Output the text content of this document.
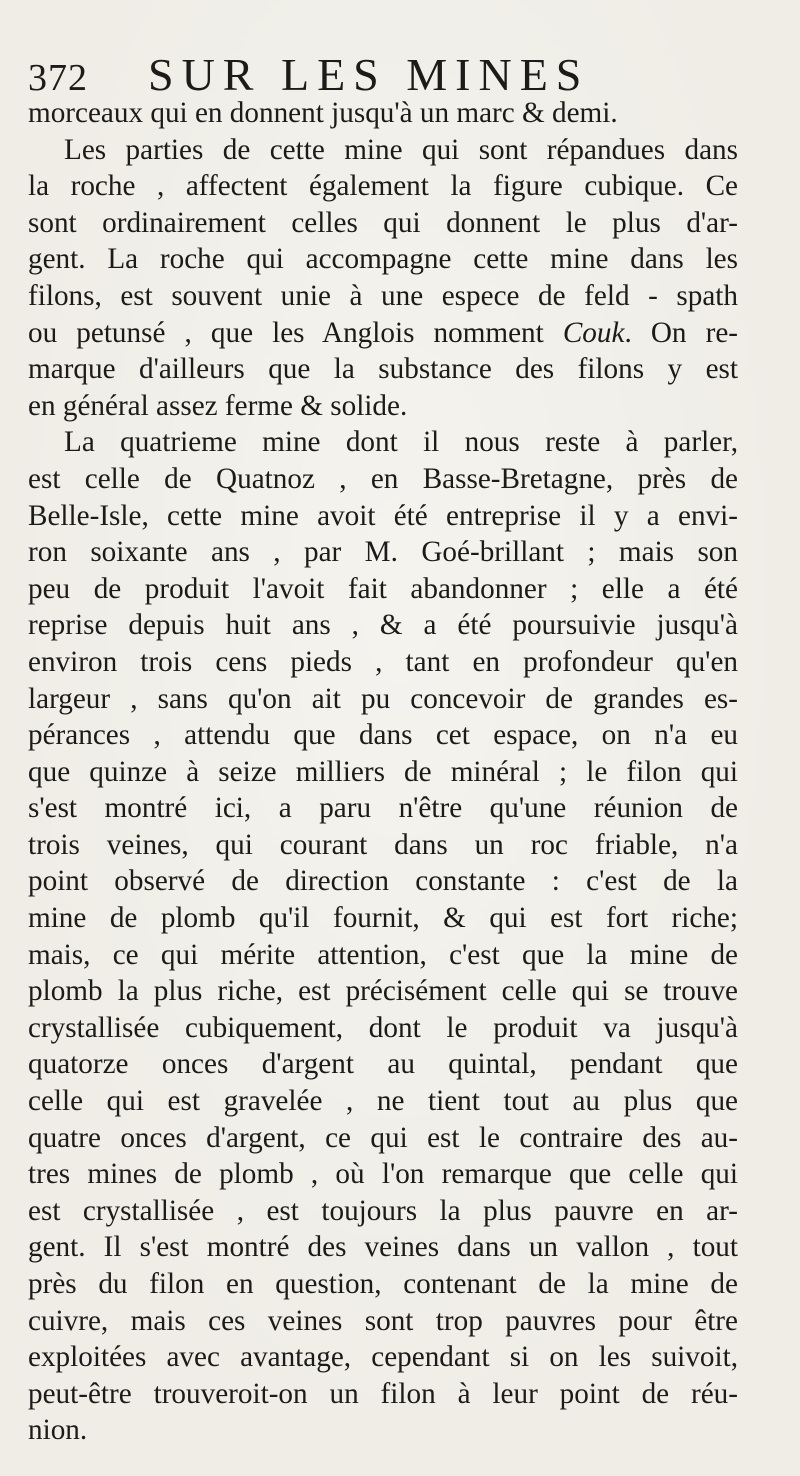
372 SUR LES MINES
morceaux qui en donnent jusqu'à un marc & demi.
Les parties de cette mine qui sont répandues dans
la roche , affectent également la figure cubique. Ce
sont ordinairement celles qui donnent le plus d'ar-
gent. La roche qui accompagne cette mine dans les
filons, est souvent unie à une espece de feld - spath
ou petunsé , que les Anglois nomment Couk. On re-
marque d'ailleurs que la substance des filons y est
en général assez ferme & solide.
La quatrieme mine dont il nous reste à parler,
est celle de Quatnoz , en Basse-Bretagne, près de
Belle-Isle, cette mine avoit été entreprise il y a envi-
ron soixante ans , par M. Goé-brillant ; mais son
peu de produit l'avoit fait abandonner ; elle a été
reprise depuis huit ans , & a été poursuivie jusqu'à
environ trois cens pieds , tant en profondeur qu'en
largeur , sans qu'on ait pu concevoir de grandes es-
pérances , attendu que dans cet espace, on n'a eu
que quinze à seize milliers de minéral ; le filon qui
s'est montré ici, a paru n'être qu'une réunion de
trois veines, qui courant dans un roc friable, n'a
point observé de direction constante : c'est de la
mine de plomb qu'il fournit, & qui est fort riche;
mais, ce qui mérite attention, c'est que la mine de
plomb la plus riche, est précisément celle qui se trouve
crystallisée cubiquement, dont le produit va jusqu'à
quatorze onces d'argent au quintal, pendant que
celle qui est gravelée , ne tient tout au plus que
quatre onces d'argent, ce qui est le contraire des au-
tres mines de plomb , où l'on remarque que celle qui
est crystallisée , est toujours la plus pauvre en ar-
gent. Il s'est montré des veines dans un vallon , tout
près du filon en question, contenant de la mine de
cuivre, mais ces veines sont trop pauvres pour être
exploitées avec avantage, cependant si on les suivoit,
peut-être trouveroit-on un filon à leur point de réu-
nion.
